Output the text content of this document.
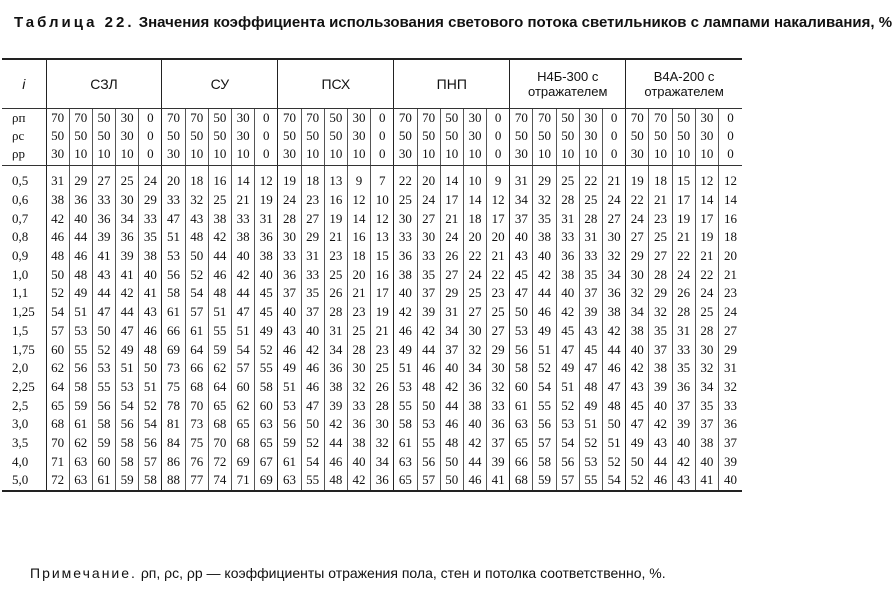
Таблица 22. Значения коэффициента использования светового потока светильников с лампами накаливания, %
i	СЗЛ					СУ					ПСХ					ПНП					Н4Б-300 с отражателем					В4А-200 с отражателем				
ρп	70	70	50	30	0	70	70	50	30	0	70	70	50	30	0	70	70	50	30	0	70	70	50	30	0	70	70	50	30	0
ρс	50	50	50	30	0	50	50	50	30	0	50	50	50	30	0	50	50	50	30	0	50	50	50	30	0	50	50	50	30	0
ρр	30	10	10	10	0	30	10	10	10	0	30	10	10	10	0	30	10	10	10	0	30	10	10	10	0	30	10	10	10	0
0,5	31	29	27	25	24	20	18	16	14	12	19	18	13	9	7	22	20	14	10	9	31	29	25	22	21	19	18	15	12	12
0,6	38	36	33	30	29	33	32	25	21	19	24	23	16	12	10	25	24	17	14	12	34	32	28	25	24	22	21	17	14	14
0,7	42	40	36	34	33	47	43	38	33	31	28	27	19	14	12	30	27	21	18	17	37	35	31	28	27	24	23	19	17	16
0,8	46	44	39	36	35	51	48	42	38	36	30	29	21	16	13	33	30	24	20	20	40	38	33	31	30	27	25	21	19	18
0,9	48	46	41	39	38	53	50	44	40	38	33	31	23	18	15	36	33	26	22	21	43	40	36	33	32	29	27	22	21	20
1,0	50	48	43	41	40	56	52	46	42	40	36	33	25	20	16	38	35	27	24	22	45	42	38	35	34	30	28	24	22	21
1,1	52	49	44	42	41	58	54	48	44	45	37	35	26	21	17	40	37	29	25	23	47	44	40	37	36	32	29	26	24	23
1,25	54	51	47	44	43	61	57	51	47	45	40	37	28	23	19	42	39	31	27	25	50	46	42	39	38	34	32	28	25	24
1,5	57	53	50	47	46	66	61	55	51	49	43	40	31	25	21	46	42	34	30	27	53	49	45	43	42	38	35	31	28	27
1,75	60	55	52	49	48	69	64	59	54	52	46	42	34	28	23	49	44	37	32	29	56	51	47	45	44	40	37	33	30	29
2,0	62	56	53	51	50	73	66	62	57	55	49	46	36	30	25	51	46	40	34	30	58	52	49	47	46	42	38	35	32	31
2,25	64	58	55	53	51	75	68	64	60	58	51	46	38	32	26	53	48	42	36	32	60	54	51	48	47	43	39	36	34	32
2,5	65	59	56	54	52	78	70	65	62	60	53	47	39	33	28	55	50	44	38	33	61	55	52	49	48	45	40	37	35	33
3,0	68	61	58	56	54	81	73	68	65	63	56	50	42	36	30	58	53	46	40	36	63	56	53	51	50	47	42	39	37	36
3,5	70	62	59	58	56	84	75	70	68	65	59	52	44	38	32	61	55	48	42	37	65	57	54	52	51	49	43	40	38	37
4,0	71	63	60	58	57	86	76	72	69	67	61	54	46	40	34	63	56	50	44	39	66	58	56	53	52	50	44	42	40	39
5,0	72	63	61	59	58	88	77	74	71	69	63	55	48	42	36	65	57	50	46	41	68	59	57	55	54	52	46	43	41	40
Примечание. ρп, ρс, ρр — коэффициенты отражения пола, стен и потолка соответственно, %.
